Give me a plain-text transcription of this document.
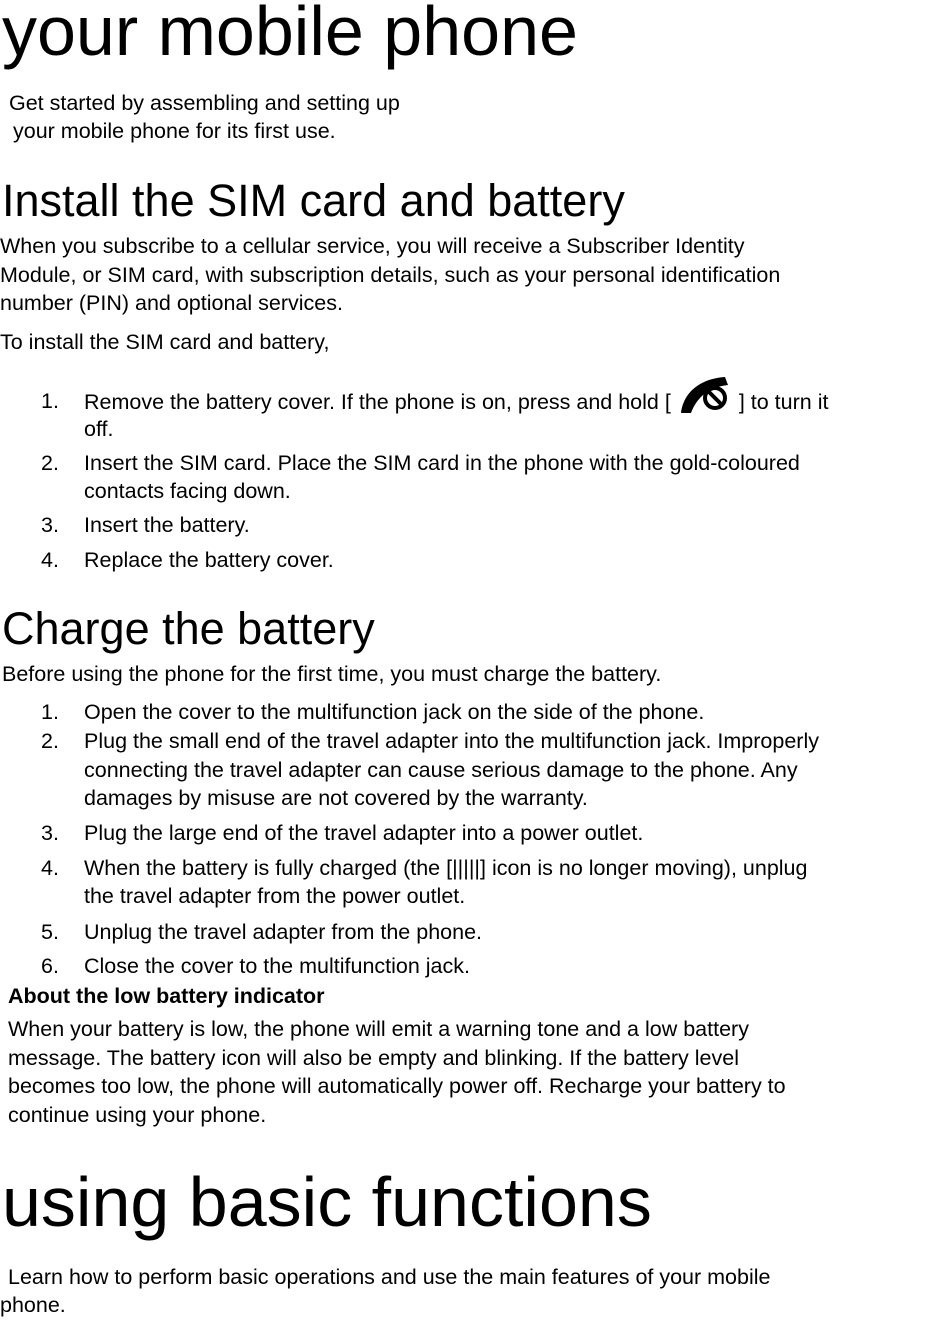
your mobile phone

Get started by assembling and setting up

your mobile phone for its first use.

Install the SIM card and battery

When you subscribe to a cellular service, you will receive a Subscriber Identity

Module, or SIM card, with subscription details, such as your personal identification

number (PIN) and optional services.

To install the SIM card and battery,

1. Remove the battery cover. If the phone is on, press and hold [	] to turn it
off.
2. Insert the SIM card. Place the SIM card in the phone with the gold-coloured
contacts facing down.
3. Insert the battery.
4. Replace the battery cover.
Charge the battery

Before using the phone for the first time, you must charge the battery.

1. Open the cover to the multifunction jack on the side of the phone.
2. Plug the small end of the travel adapter into the multifunction jack. Improperly
connecting the travel adapter can cause serious damage to the phone. Any
damages by misuse are not covered by the warranty.
3. Plug the large end of the travel adapter into a power outlet.
4. When the battery is fully charged (the [|||||] icon is no longer moving), unplug
the travel adapter from the power outlet.
5. Unplug the travel adapter from the phone.
6. Close the cover to the multifunction jack.
About the low battery indicator

When your battery is low, the phone will emit a warning tone and a low battery

message. The battery icon will also be empty and blinking. If the battery level

becomes too low, the phone will automatically power off. Recharge your battery to

continue using your phone.

using basic functions

Learn how to perform basic operations and use the main features of your mobile

phone.
